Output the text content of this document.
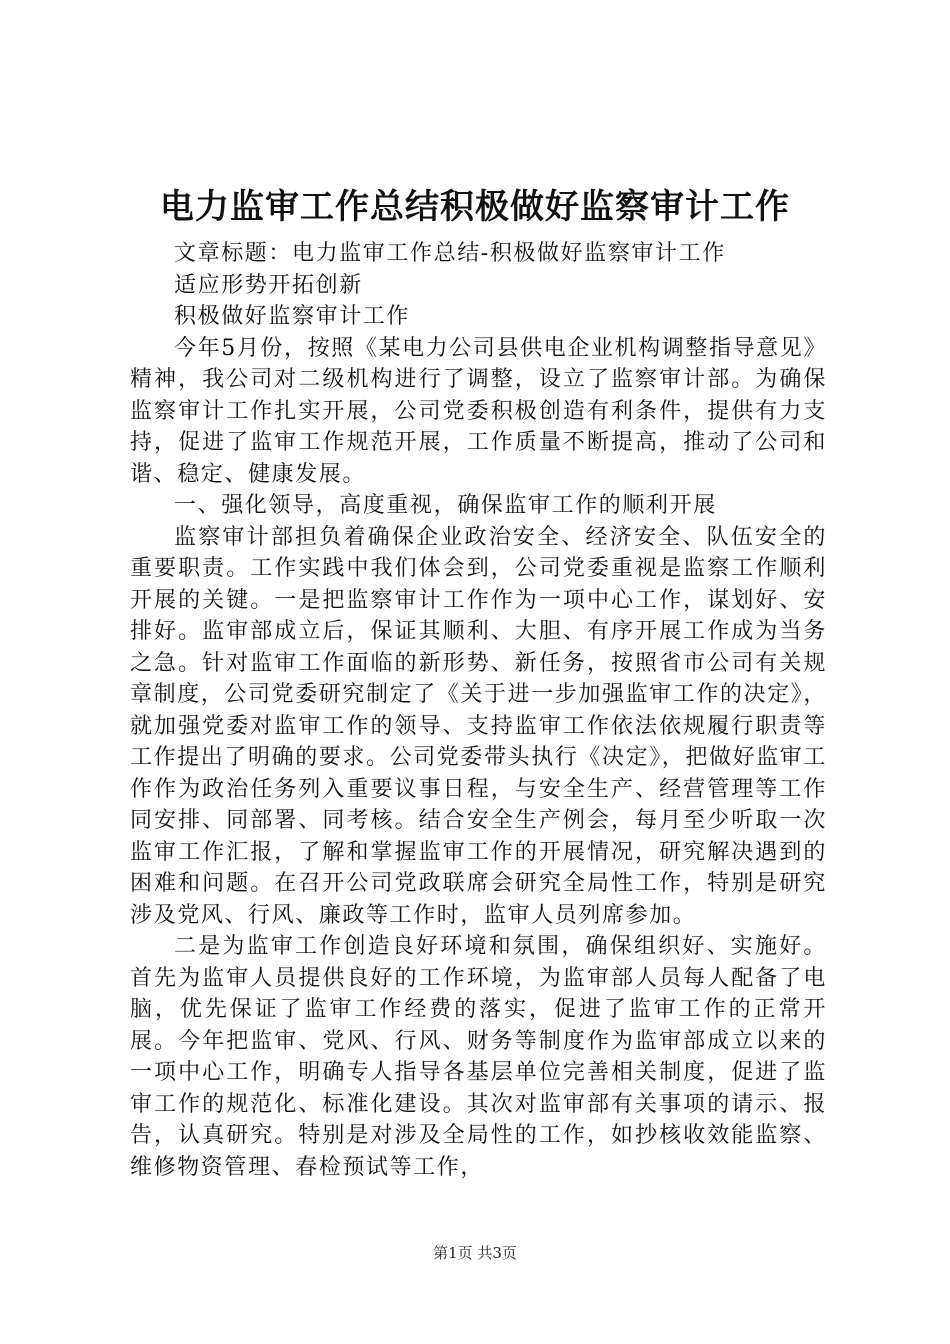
电力监审工作总结积极做好监察审计工作

文章标题：电力监审工作总结-积极做好监察审计工作

适应形势开拓创新

积极做好监察审计工作

今年5月份，按照《某电力公司县供电企业机构调整指导意见》精神，我公司对二级机构进行了调整，设立了监察审计部。为确保监察审计工作扎实开展，公司党委积极创造有利条件，提供有力支持，促进了监审工作规范开展，工作质量不断提高，推动了公司和谐、稳定、健康发展。

一、强化领导，高度重视，确保监审工作的顺利开展

监察审计部担负着确保企业政治安全、经济安全、队伍安全的重要职责。工作实践中我们体会到，公司党委重视是监察工作顺利开展的关键。一是把监察审计工作作为一项中心工作，谋划好、安排好。监审部成立后，保证其顺利、大胆、有序开展工作成为当务之急。针对监审工作面临的新形势、新任务，按照省市公司有关规章制度，公司党委研究制定了《关于进一步加强监审工作的决定》，就加强党委对监审工作的领导、支持监审工作依法依规履行职责等工作提出了明确的要求。公司党委带头执行《决定》，把做好监审工作作为政治任务列入重要议事日程，与安全生产、经营管理等工作同安排、同部署、同考核。结合安全生产例会，每月至少听取一次监审工作汇报，了解和掌握监审工作的开展情况，研究解决遇到的困难和问题。在召开公司党政联席会研究全局性工作，特别是研究涉及党风、行风、廉政等工作时，监审人员列席参加。

二是为监审工作创造良好环境和氛围，确保组织好、实施好。首先为监审人员提供良好的工作环境，为监审部人员每人配备了电脑，优先保证了监审工作经费的落实，促进了监审工作的正常开展。今年把监审、党风、行风、财务等制度作为监审部成立以来的一项中心工作，明确专人指导各基层单位完善相关制度，促进了监审工作的规范化、标准化建设。其次对监审部有关事项的请示、报告，认真研究。特别是对涉及全局性的工作，如抄核收效能监察、维修物资管理、春检预试等工作，

第1页 共3页
